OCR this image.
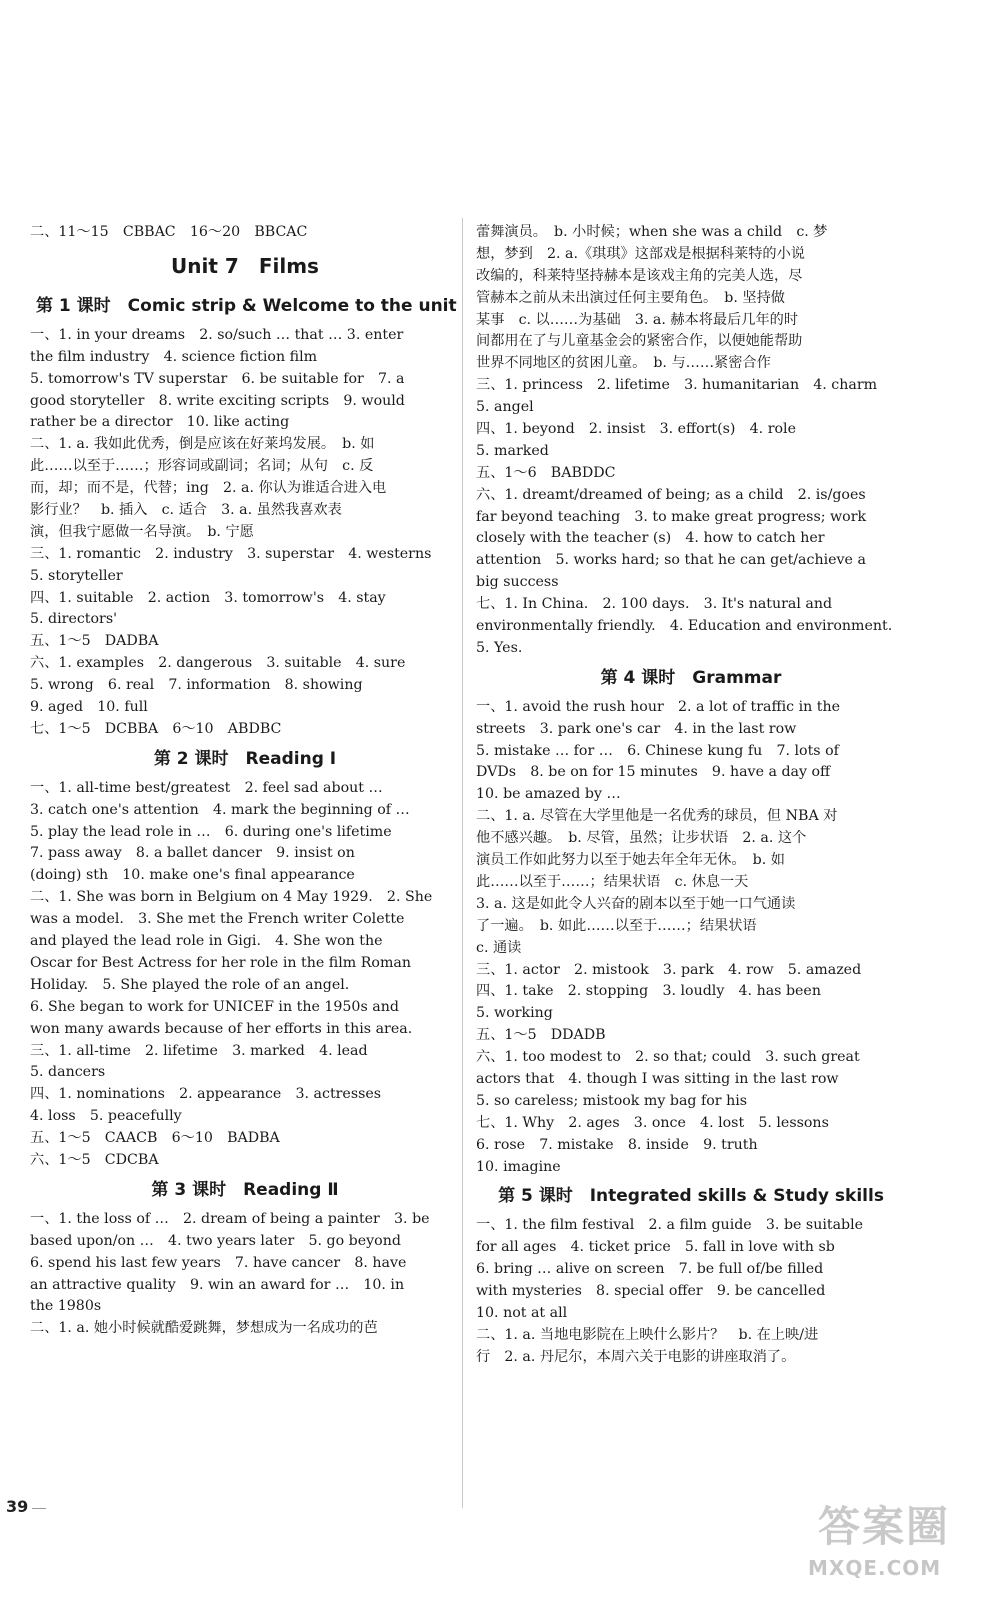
二、11～15　CBBAC　16～20　BBCAC
Unit 7　Films
第 1 课时　Comic strip & Welcome to the unit
一、1. in your dreams　2. so/such … that … 3. enter
the film industry　4. science fiction film
5. tomorrow's TV superstar　6. be suitable for　7. a
good storyteller　8. write exciting scripts　9. would
rather be a director　10. like acting
二、1. a. 我如此优秀，倒是应该在好莱坞发展。　b. 如
此……以至于……；形容词或副词；名词；从句　c. 反
而，却；而不是，代替；ing　2. a. 你认为谁适合进入电
影行业？　b. 插入　c. 适合　3. a. 虽然我喜欢表
演，但我宁愿做一名导演。　b. 宁愿
三、1. romantic　2. industry　3. superstar　4. westerns
5. storyteller
四、1. suitable　2. action　3. tomorrow's　4. stay
5. directors'
五、1～5　DADBA
六、1. examples　2. dangerous　3. suitable　4. sure
5. wrong　6. real　7. information　8. showing
9. aged　10. full
七、1～5　DCBBA　6～10　ABDBC
第 2 课时　Reading Ⅰ
一、1. all-time best/greatest　2. feel sad about …
3. catch one's attention　4. mark the beginning of …
5. play the lead role in …　6. during one's lifetime
7. pass away　8. a ballet dancer　9. insist on
(doing) sth　10. make one's final appearance
二、1. She was born in Belgium on 4 May 1929.　2. She
was a model.　3. She met the French writer Colette
and played the lead role in Gigi.　4. She won the
Oscar for Best Actress for her role in the film Roman
Holiday.　5. She played the role of an angel.
6. She began to work for UNICEF in the 1950s and
won many awards because of her efforts in this area.
三、1. all-time　2. lifetime　3. marked　4. lead
5. dancers
四、1. nominations　2. appearance　3. actresses
4. loss　5. peacefully
五、1～5　CAACB　6～10　BADBA
六、1～5　CDCBA
第 3 课时　Reading Ⅱ
一、1. the loss of …　2. dream of being a painter　3. be
based upon/on …　4. two years later　5. go beyond
6. spend his last few years　7. have cancer　8. have
an attractive quality　9. win an award for …　10. in
the 1980s
二、1. a. 她小时候就酷爱跳舞，梦想成为一名成功的芭
蕾舞演员。　b. 小时候；when she was a child　c. 梦
想，梦到　2. a.《琪琪》这部戏是根据科莱特的小说
改编的，科莱特坚持赫本是该戏主角的完美人选，尽
管赫本之前从未出演过任何主要角色。　b. 坚持做
某事　c. 以……为基础　3. a. 赫本将最后几年的时
间都用在了与儿童基金会的紧密合作，以便她能帮助
世界不同地区的贫困儿童。　b. 与……紧密合作
三、1. princess　2. lifetime　3. humanitarian　4. charm
5. angel
四、1. beyond　2. insist　3. effort(s)　4. role
5. marked
五、1～6　BABDDC
六、1. dreamt/dreamed of being; as a child　2. is/goes
far beyond teaching　3. to make great progress; work
closely with the teacher (s)　4. how to catch her
attention　5. works hard; so that he can get/achieve a
big success
七、1. In China.　2. 100 days.　3. It's natural and
environmentally friendly.　4. Education and environment.
5. Yes.
第 4 课时　Grammar
一、1. avoid the rush hour　2. a lot of traffic in the
streets　3. park one's car　4. in the last row
5. mistake … for …　6. Chinese kung fu　7. lots of
DVDs　8. be on for 15 minutes　9. have a day off
10. be amazed by …
二、1. a. 尽管在大学里他是一名优秀的球员，但 NBA 对
他不感兴趣。　b. 尽管，虽然；让步状语　2. a. 这个
演员工作如此努力以至于她去年全年无休。　b. 如
此……以至于……；结果状语　c. 休息一天
3. a. 这是如此令人兴奋的剧本以至于她一口气通读
了一遍。　b. 如此……以至于……；结果状语
c. 通读
三、1. actor　2. mistook　3. park　4. row　5. amazed
四、1. take　2. stopping　3. loudly　4. has been
5. working
五、1～5　DDADB
六、1. too modest to　2. so that; could　3. such great
actors that　4. though I was sitting in the last row
5. so careless; mistook my bag for his
七、1. Why　2. ages　3. once　4. lost　5. lessons
6. rose　7. mistake　8. inside　9. truth
10. imagine
第 5 课时　Integrated skills & Study skills
一、1. the film festival　2. a film guide　3. be suitable
for all ages　4. ticket price　5. fall in love with sb
6. bring … alive on screen　7. be full of/be filled
with mysteries　8. special offer　9. be cancelled
10. not at all
二、1. a. 当地电影院在上映什么影片？　b. 在上映/进
行　2. a. 丹尼尔，本周六关于电影的讲座取消了。
39	答案圈
MXQE.COM
